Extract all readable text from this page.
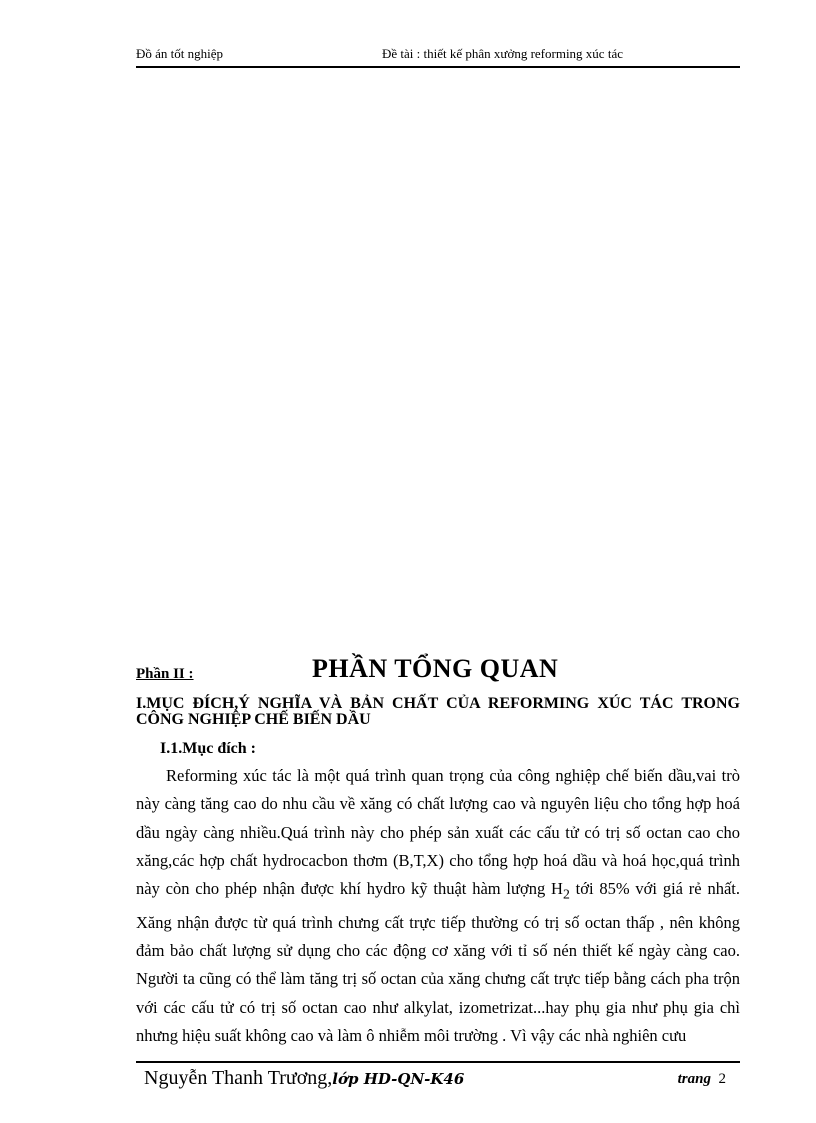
Đồ án tốt nghiệp	Đề tài : thiết kế phân xưởng reforming xúc tác
Phần II :	PHẦN TỔNG QUAN
I.MỤC ĐÍCH,Ý NGHĨA VÀ BẢN CHẤT CỦA REFORMING XÚC TÁC TRONG CÔNG NGHIỆP CHẾ BIẾN DẦU
I.1.Mục đích :

Reforming xúc tác là một quá trình quan trọng của công nghiệp chế biến dầu,vai trò này càng tăng cao do nhu cầu về xăng có chất lượng cao và nguyên liệu cho tổng hợp hoá dầu ngày càng nhiều.Quá trình này cho phép sản xuất các cấu tử có trị số octan cao cho xăng,các hợp chất hydrocacbon thơm (B,T,X) cho tổng hợp hoá dầu và hoá học,quá trình này còn cho phép nhận được khí hydro kỹ thuật hàm lượng $H_2$ tới 85% với giá rẻ nhất. Xăng nhận được từ quá trình chưng cất trực tiếp thường có trị số octan thấp , nên không đảm bảo chất lượng sử dụng cho các động cơ xăng với tỉ số nén thiết kế ngày càng cao. Người ta cũng có thể làm tăng trị số octan của xăng chưng cất trực tiếp bằng cách pha trộn với các cấu tử có trị số octan cao như alkylat, izometrizat...hay phụ gia như phụ gia chì nhưng hiệu suất không cao và làm ô nhiễm môi trường . Vì vậy các nhà nghiên cưu

Nguyễn Thanh Trương,lớp HD-QN-K46	trang 2
